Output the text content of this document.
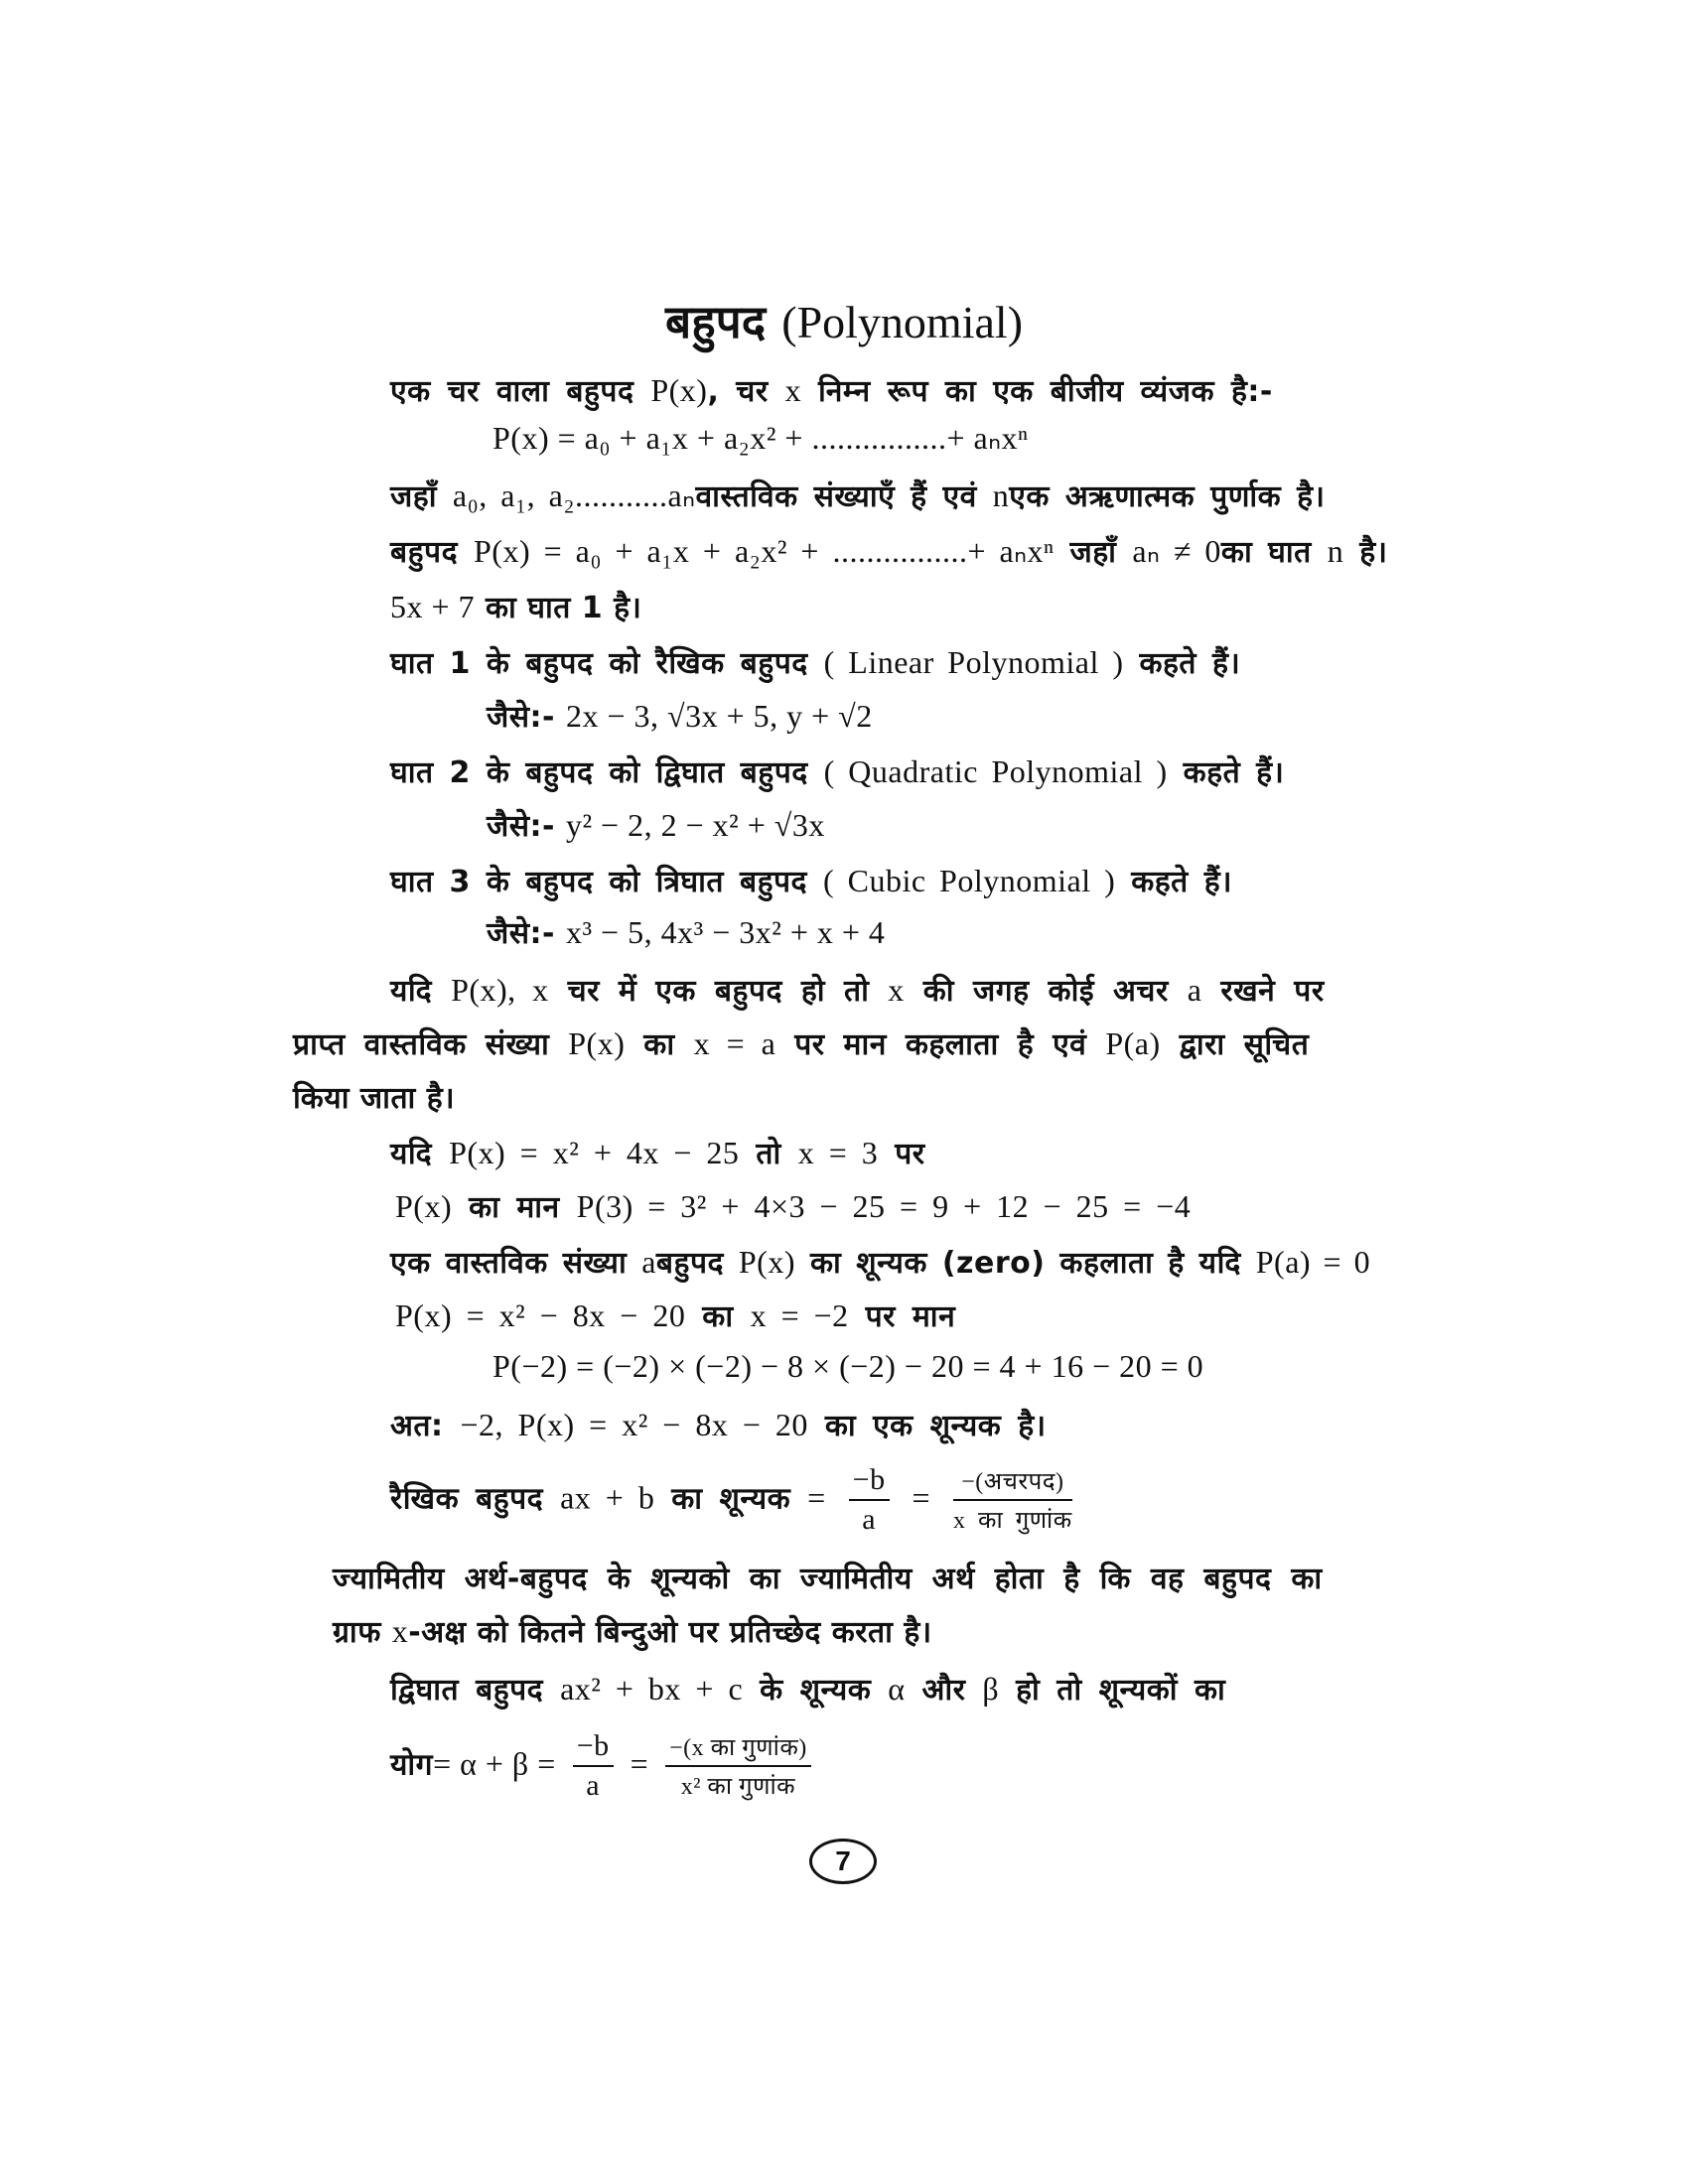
बहुपद (Polynomial)
एक चर वाला बहुपद P(x), चर x निम्न रूप का एक बीजीय व्यंजक है:-
P(x) = a₀ + a₁x + a₂x² + ................+ aₙxⁿ
जहाँ a₀, a₁, a₂...........aₙवास्तविक संख्याएँ हैं एवं nएक अऋणात्मक पुर्णाक है।
बहुपद P(x) = a₀ + a₁x + a₂x² + ................+ aₙxⁿ जहाँ aₙ ≠ 0का घात n है।
5x + 7 का घात 1 है।
घात 1 के बहुपद को रैखिक बहुपद ( Linear Polynomial ) कहते हैं।
जैसे:- 2x − 3, √3x + 5, y + √2
घात 2 के बहुपद को द्विघात बहुपद ( Quadratic Polynomial ) कहते हैं।
जैसे:- y² − 2, 2 − x² + √3x
घात 3 के बहुपद को त्रिघात बहुपद ( Cubic Polynomial ) कहते हैं।
जैसे:- x³ − 5, 4x³ − 3x² + x + 4
यदि P(x), x चर में एक बहुपद हो तो x की जगह कोई अचर a रखने पर
प्राप्त वास्तविक संख्या P(x) का x = a पर मान कहलाता है एवं P(a) द्वारा सूचित
किया जाता है।
यदि P(x) = x² + 4x − 25 तो x = 3 पर
P(x) का मान P(3) = 3² + 4×3 − 25 = 9 + 12 − 25 = −4
एक वास्तविक संख्या aबहुपद P(x) का शून्यक (zero) कहलाता है यदि P(a) = 0
P(x) = x² − 8x − 20 का x = −2 पर मान
P(−2) = (−2) × (−2) − 8 × (−2) − 20 = 4 + 16 − 20 = 0
अत: −2, P(x) = x² − 8x − 20 का एक शून्यक है।
रैखिक बहुपद ax + b का शून्यक = $\frac{-b}{a} = \frac{\text{−(अचरपद)}}{\text{x का गुणांक}}$
ज्यामितीय अर्थ-बहुपद के शून्यको का ज्यामितीय अर्थ होता है कि वह बहुपद का
ग्राफ x-अक्ष को कितने बिन्दुओ पर प्रतिच्छेद करता है।
द्विघात बहुपद ax² + bx + c के शून्यक α और β हो तो शून्यकों का
योग= $\alpha + \beta = \frac{-b}{a} = \frac{\text{−(x का गुणांक)}}{\text{x² का गुणांक}}$
7
